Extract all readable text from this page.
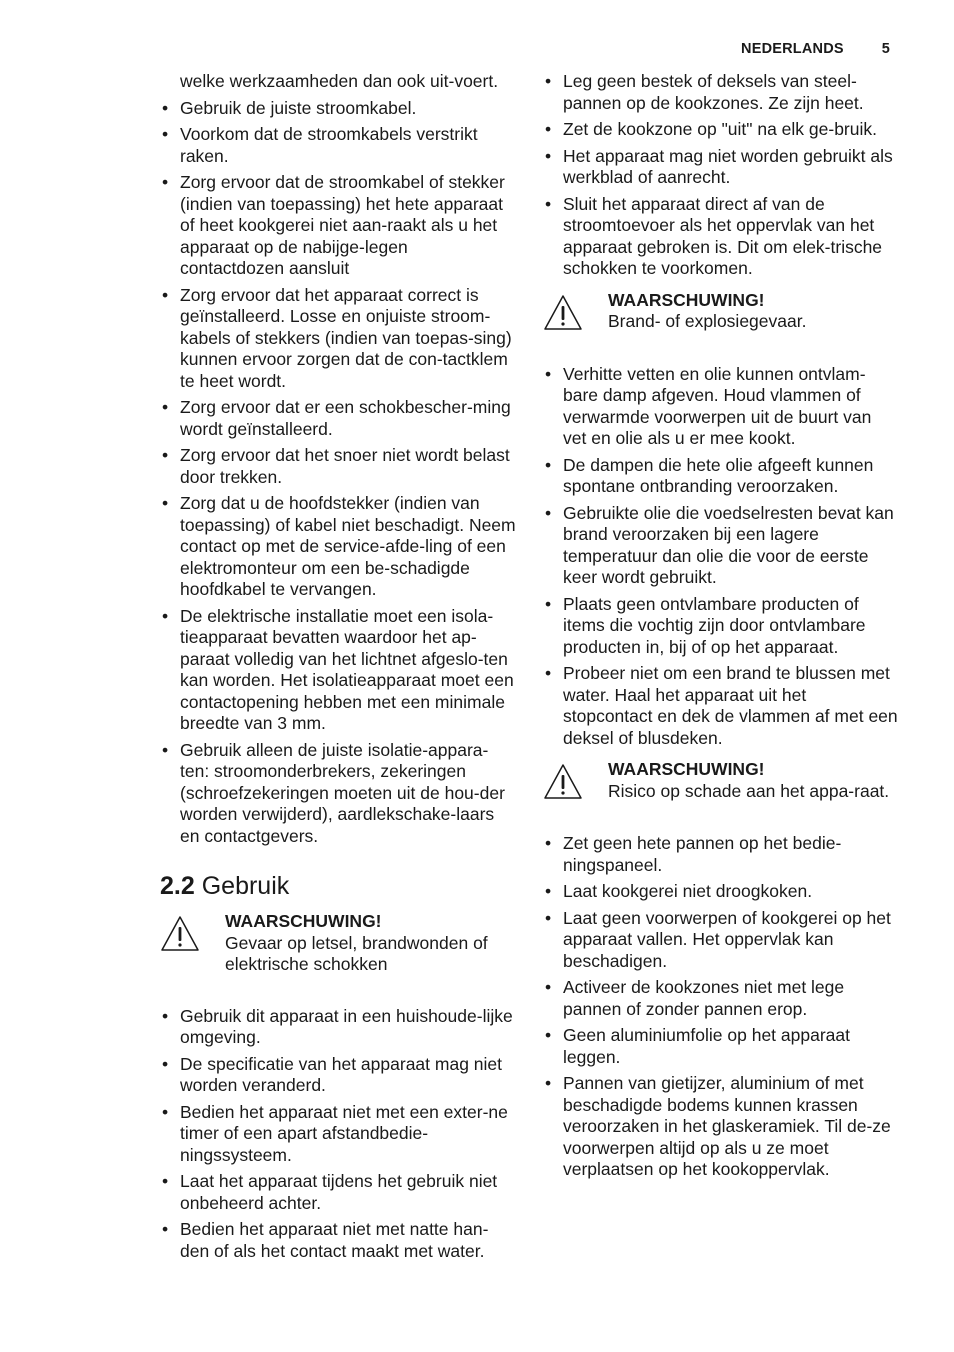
NEDERLANDS	5
welke werkzaamheden dan ook uit-voert.
• Gebruik de juiste stroomkabel.
• Voorkom dat de stroomkabels verstrikt raken.
• Zorg ervoor dat de stroomkabel of stekker (indien van toepassing) het hete apparaat of heet kookgerei niet aan-raakt als u het apparaat op de nabijge-legen contactdozen aansluit
• Zorg ervoor dat het apparaat correct is geïnstalleerd. Losse en onjuiste stroom-kabels of stekkers (indien van toepas-sing) kunnen ervoor zorgen dat de con-tactklem te heet wordt.
• Zorg ervoor dat er een schokbescher-ming wordt geïnstalleerd.
• Zorg ervoor dat het snoer niet wordt belast door trekken.
• Zorg dat u de hoofdstekker (indien van toepassing) of kabel niet beschadigt. Neem contact op met de service-afde-ling of een elektromonteur om een be-schadigde hoofdkabel te vervangen.
• De elektrische installatie moet een isola-tieapparaat bevatten waardoor het ap-paraat volledig van het lichtnet afgeslo-ten kan worden. Het isolatieapparaat moet een contactopening hebben met een minimale breedte van 3 mm.
• Gebruik alleen de juiste isolatie-appara-ten: stroomonderbrekers, zekeringen (schroefzekeringen moeten uit de hou-der worden verwijderd), aardlekschake-laars en contactgevers.
2.2 Gebruik
WAARSCHUWING!
Gevaar op letsel, brandwonden of elektrische schokken
• Gebruik dit apparaat in een huishoude-lijke omgeving.
• De specificatie van het apparaat mag niet worden veranderd.
• Bedien het apparaat niet met een exter-ne timer of een apart afstandbedie-ningssysteem.
• Laat het apparaat tijdens het gebruik niet onbeheerd achter.
• Bedien het apparaat niet met natte han-den of als het contact maakt met water.
• Leg geen bestek of deksels van steel-pannen op de kookzones. Ze zijn heet.
• Zet de kookzone op "uit" na elk ge-bruik.
• Het apparaat mag niet worden gebruikt als werkblad of aanrecht.
• Sluit het apparaat direct af van de stroomtoevoer als het oppervlak van het apparaat gebroken is. Dit om elek-trische schokken te voorkomen.
WAARSCHUWING!
Brand- of explosiegevaar.
• Verhitte vetten en olie kunnen ontvlam-bare damp afgeven. Houd vlammen of verwarmde voorwerpen uit de buurt van vet en olie als u er mee kookt.
• De dampen die hete olie afgeeft kunnen spontane ontbranding veroorzaken.
• Gebruikte olie die voedselresten bevat kan brand veroorzaken bij een lagere temperatuur dan olie die voor de eerste keer wordt gebruikt.
• Plaats geen ontvlambare producten of items die vochtig zijn door ontvlambare producten in, bij of op het apparaat.
• Probeer niet om een brand te blussen met water. Haal het apparaat uit het stopcontact en dek de vlammen af met een deksel of blusdeken.
WAARSCHUWING!
Risico op schade aan het appa-raat.
• Zet geen hete pannen op het bedie-ningspaneel.
• Laat kookgerei niet droogkoken.
• Laat geen voorwerpen of kookgerei op het apparaat vallen. Het oppervlak kan beschadigen.
• Activeer de kookzones niet met lege pannen of zonder pannen erop.
• Geen aluminiumfolie op het apparaat leggen.
• Pannen van gietijzer, aluminium of met beschadigde bodems kunnen krassen veroorzaken in het glaskeramiek. Til de-ze voorwerpen altijd op als u ze moet verplaatsen op het kookoppervlak.
